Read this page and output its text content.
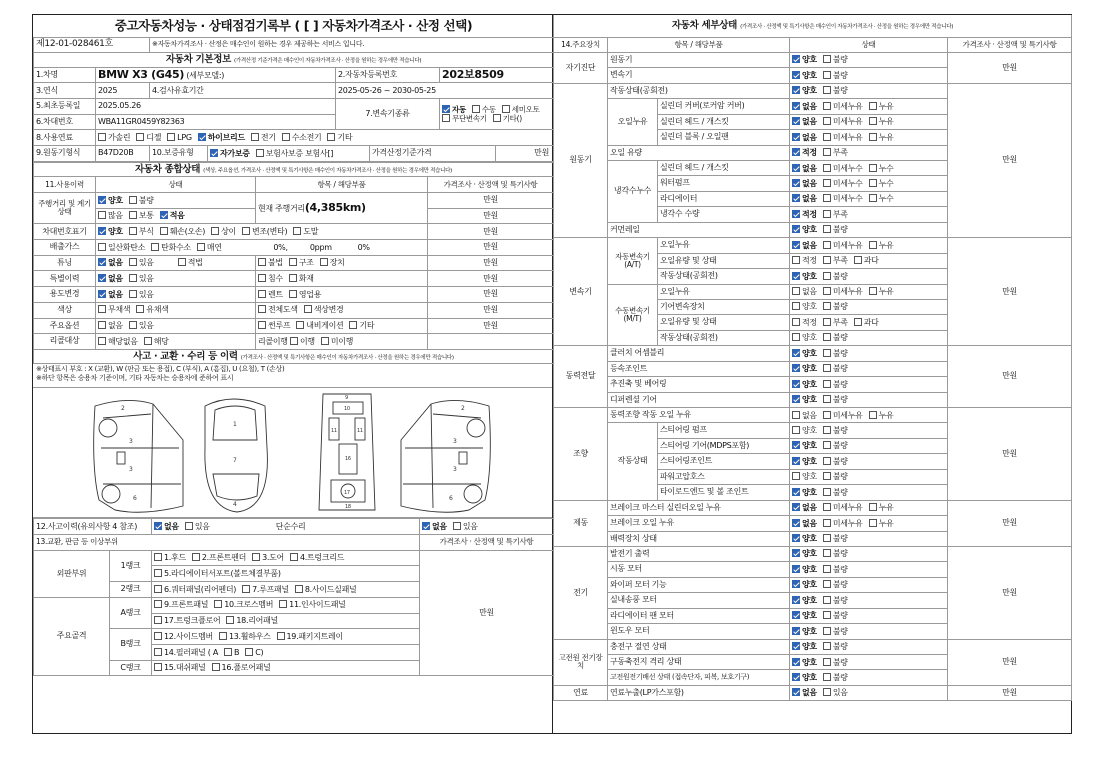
중고자동차성능 · 상태점검기록부 ( [ ] 자동차가격조사 · 산정 선택)							
제12-01-028461호		※자동차가격조사 · 산정은 매수인이 원하는 경우 제공하는 서비스 입니다.					
자동차 기본정보 (가격산정 기준가격은 매수인이 자동차가격조사 · 산정을 원하는 경우에만 적습니다)							
1.차명	BMW X3 (G45) (세부모델:)			2.자동차등록번호		202보8509	
3.연식	2025	4.검사유효기간		2025-05-26 ~ 2030-05-25			
5.최초등록일	2025.05.26			7.변속기종류		자동 수동 세미오토
무단변속기 기타()	
6.차대번호	WBA11GR0459Y82363						
8.사용연료	가솔린 디젤 LPG 하이브리드 전기 수소전기 기타						
9.원동기형식	B47D20B	10.보증유형	자가보증 보험사보증 보험사[]		가격산정기준가격		만원
자동차 종합상태 (색상, 주요옵션, 가격조사 · 산정액 및 특기사항은 매수인이 자동차가격조사 · 산정을 원하는 경우에만 적습니다)			
11.사용이력	상태	항목 / 해당부품	가격조사 · 산정액 및 특기사항
주행거리 및 계기상태	양호 불량	현재 주행거리(4,385km)	만원
	많음 보통 적음		만원
차대번호표기	양호 부식 훼손(오손) 상이 변조(변타) 도말		만원
배출가스	일산화탄소 탄화수소 매연 0%, 0ppm 0%		만원
튜닝	없음 있음 적법	불법 구조 장치	만원
특별이력	없음 있음	침수 화재	만원
용도변경	없음 있음	렌트 영업용	만원
색상	무채색 유채색	전체도색 색상변경	만원
주요옵션	없음 있음	썬루프 내비게이션 기타	만원
리콜대상	해당없음 해당	리콜이행 이행 미이행	
사고 · 교환 · 수리 등 이력 (가격조사 · 산정액 및 특기사항은 매수인이 자동차가격조사 · 산정을 원하는 경우에만 적습니다)			
※상태표시 부호 : X (교환), W (판금 또는 용접), C (부식), A (흠집), U (요철), T (손상)
※하단 항목은 승용차 기준이며, 기타 자동차는 승용차에 준하여 표시
2
3
3
6
1
7
4
9
10
11	11
16
17
18
2
3
3
6
12.사고이력(유의사항 4 참조)		없음 있음 단순수리	없음 있음
13.교환, 판금 등 이상부위			가격조사 · 산정액 및 특기사항
외판부위	1랭크	1.후드 2.프론트펜더 3.도어 4.트렁크리드	만원
		5.라디에이터서포트(볼트체결부품)	
	2랭크	6.쿼터패널(리어펜더) 7.루프패널 8.사이드실패널	

주요골격	A랭크	9.프론트패널 10.크로스멤버 11.인사이드패널	
		17.트렁크플로어 18.리어패널	
	B랭크	12.사이드멤버 13.휠하우스 19.패키지트레이	
		14.필러패널 ( A B C)	
	C랭크	15.대쉬패널 16.플로어패널	

자동차 세부상태 (가격조사 · 산정액 및 특기사항은 매수인이 자동차가격조사 · 산정을 원하는 경우에만 적습니다)				
14.주요장치	항목 / 해당부품		상태	가격조사 · 산정액 및 특기사항
자기진단	원동기		양호 불량	만원
	변속기		양호 불량	
원동기	작동상태(공회전)		양호 불량	만원
	오일누유	실린더 커버(로커암 커버)	없음 미세누유 누유	
		실린더 헤드 / 개스킷	없음 미세누유 누유	
		실린더 블록 / 오일팬	없음 미세누유 누유	
	오일 유량		적정 부족	
	냉각수누수	실린더 헤드 / 개스킷	없음 미세누수 누수	
		워터펌프	없음 미세누수 누수	
		라디에이터	없음 미세누수 누수	
		냉각수 수량	적정 부족	
	커먼레일		양호 불량	
변속기	자동변속기 (A/T)	오일누유	없음 미세누유 누유	만원
		오일유량 및 상태	적정 부족 과다	
		작동상태(공회전)	양호 불량	
	수동변속기 (M/T)	오일누유	없음 미세누유 누유	
		기어변속장치	양호 불량	
		오일유량 및 상태	적정 부족 과다	
		작동상태(공회전)	양호 불량	
동력전달	클러치 어셈블리		양호 불량	만원
	등속조인트		양호 불량	
	추진축 및 베어링		양호 불량	
	디퍼렌셜 기어		양호 불량	
조향	동력조향 작동 오일 누유		없음 미세누유 누유	만원
	작동상태	스티어링 펌프	양호 불량	
		스티어링 기어(MDPS포함)	양호 불량	
		스티어링조인트	양호 불량	
		파워고압호스	양호 불량	
		타이로드엔드 및 볼 조인트	양호 불량	
제동	브레이크 마스터 실린더오일 누유		없음 미세누유 누유	만원
	브레이크 오일 누유		없음 미세누유 누유	
	배력장치 상태		양호 불량	
전기	발전기 출력		양호 불량	만원
	시동 모터		양호 불량	
	와이퍼 모터 기능		양호 불량	
	실내송풍 모터		양호 불량	
	라디에이터 팬 모터		양호 불량	
	윈도우 모터		양호 불량	
고전원 전기장치	충전구 절연 상태		양호 불량	만원
	구동축전지 격리 상태		양호 불량	
	고전원전기배선 상태 (접속단자, 피복, 보호기구)		양호 불량	
연료	연료누출(LP가스포함)		없음 있음	만원
